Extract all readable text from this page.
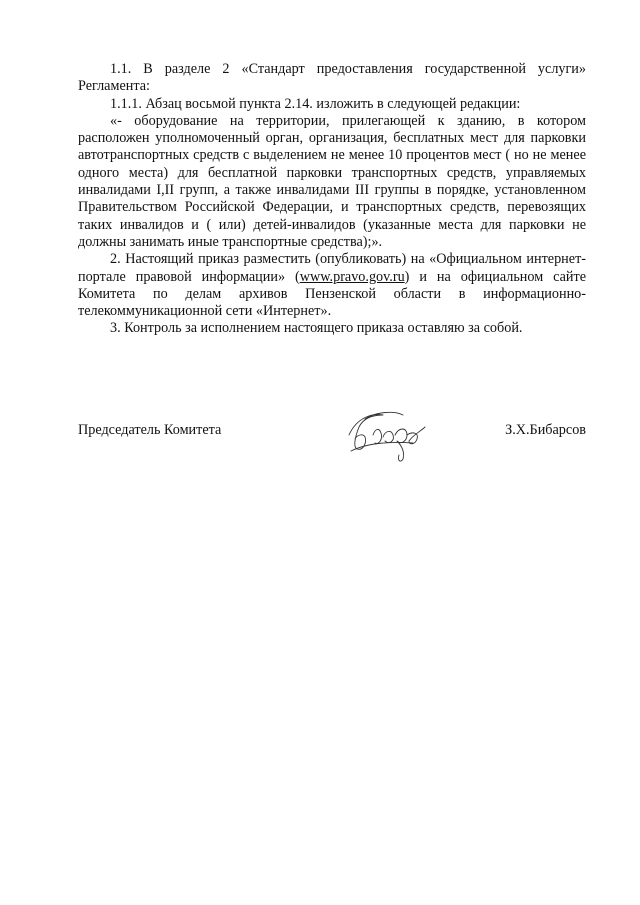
1.1. В разделе 2 «Стандарт предоставления государственной услуги» Регламента:

1.1.1. Абзац восьмой пункта 2.14. изложить в следующей редакции:

«- оборудование на территории, прилегающей к зданию, в котором расположен уполномоченный орган, организация, бесплатных мест для парковки автотранспортных средств с выделением не менее 10 процентов мест ( но не менее одного места) для бесплатной парковки транспортных средств, управляемых инвалидами I,II групп, а также инвалидами III группы в порядке, установленном Правительством Российской Федерации, и транспортных средств, перевозящих таких инвалидов и ( или) детей-инвалидов (указанные места для парковки не должны занимать иные транспортные средства);».

2. Настоящий приказ разместить (опубликовать) на «Официальном интернет-портале правовой информации» (www.pravo.gov.ru) и на официальном сайте Комитета по делам архивов Пензенской области в информационно-телекоммуникационной сети «Интернет».

3. Контроль за исполнением настоящего приказа оставляю за собой.

Председатель Комитета	З.Х.Бибарсов
